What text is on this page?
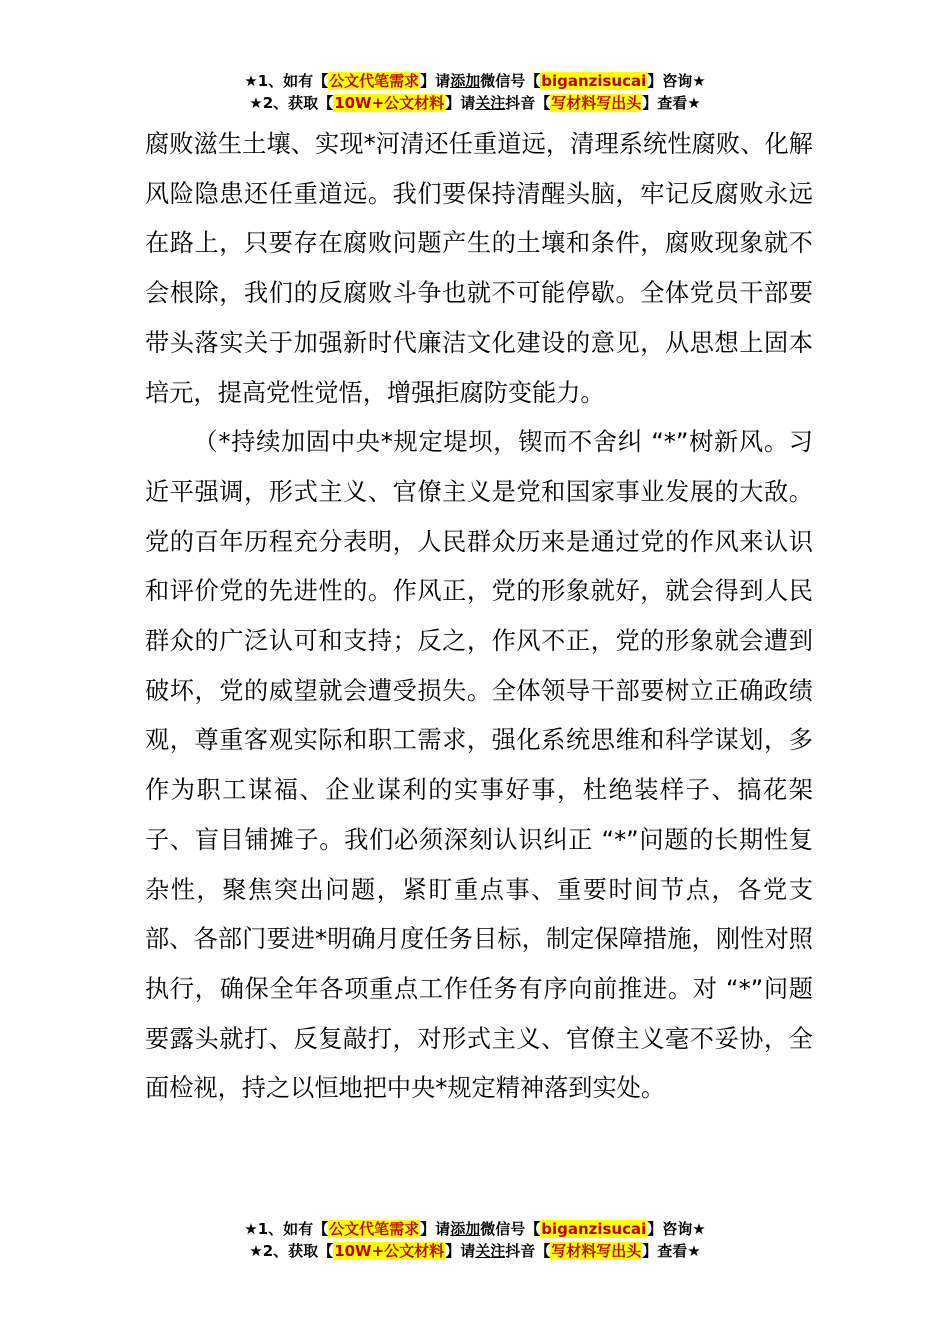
★1、如有【公文代笔需求】请添加微信号【biganzisucai】咨询★
★2、获取【10W+公文材料】请关注抖音【写材料写出头】查看★

腐败滋生土壤、实现*河清还任重道远，清理系统性腐败、化解风险隐患还任重道远。我们要保持清醒头脑，牢记反腐败永远在路上，只要存在腐败问题产生的土壤和条件，腐败现象就不会根除，我们的反腐败斗争也就不可能停歇。全体党员干部要带头落实关于加强新时代廉洁文化建设的意见，从思想上固本培元，提高党性觉悟，增强拒腐防变能力。

（*持续加固中央*规定堤坝，锲而不舍纠 “*”树新风。习近平强调，形式主义、官僚主义是党和国家事业发展的大敌。党的百年历程充分表明，人民群众历来是通过党的作风来认识和评价党的先进性的。作风正，党的形象就好，就会得到人民群众的广泛认可和支持；反之，作风不正，党的形象就会遭到破坏，党的威望就会遭受损失。全体领导干部要树立正确政绩观，尊重客观实际和职工需求，强化系统思维和科学谋划，多作为职工谋福、企业谋利的实事好事，杜绝装样子、搞花架子、盲目铺摊子。我们必须深刻认识纠正 “*”问题的长期性复杂性，聚焦突出问题，紧盯重点事、重要时间节点，各党支部、各部门要进*明确月度任务目标，制定保障措施，刚性对照执行，确保全年各项重点工作任务有序向前推进。对 “*”问题要露头就打、反复敲打，对形式主义、官僚主义毫不妥协，全面检视，持之以恒地把中央*规定精神落到实处。

★1、如有【公文代笔需求】请添加微信号【biganzisucai】咨询★
★2、获取【10W+公文材料】请关注抖音【写材料写出头】查看★
